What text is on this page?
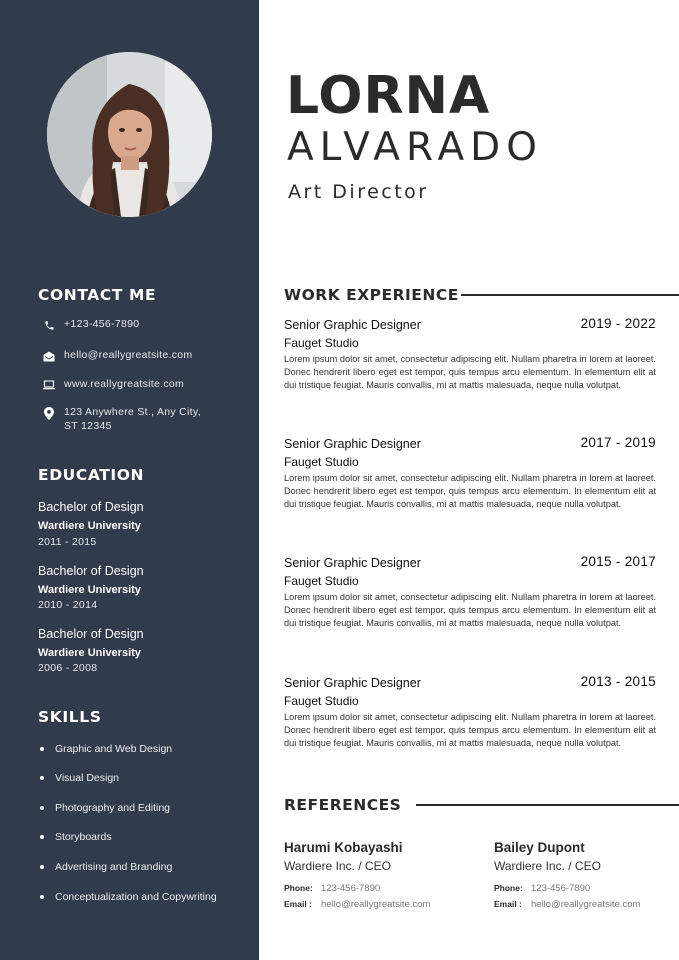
CONTACT ME
+123-456-7890
hello@reallygreatsite.com
www.reallygreatsite.com
123 Anywhere St., Any City, ST 12345
EDUCATION
Bachelor of Design
Wardiere University
2011 - 2015
Bachelor of Design
Wardiere University
2010 - 2014
Bachelor of Design
Wardiere University
2006 - 2008
SKILLS
Graphic and Web Design
Visual Design
Photography and Editing
Storyboards
Advertising and Branding
Conceptualization and Copywriting
LORNA
ALVARADO
Art Director
WORK EXPERIENCE
Senior Graphic Designer	2019 - 2022
Fauget Studio
Lorem ipsum dolor sit amet, consectetur adipiscing elit. Nullam pharetra in lorem at laoreet. Donec hendrerit libero eget est tempor, quis tempus arcu elementum. In elementum elit at dui tristique feugiat. Mauris convallis, mi at mattis malesuada, neque nulla volutpat.
Senior Graphic Designer	2017 - 2019
Fauget Studio
Lorem ipsum dolor sit amet, consectetur adipiscing elit. Nullam pharetra in lorem at laoreet. Donec hendrerit libero eget est tempor, quis tempus arcu elementum. In elementum elit at dui tristique feugiat. Mauris convallis, mi at mattis malesuada, neque nulla volutpat.
Senior Graphic Designer	2015 - 2017
Fauget Studio
Lorem ipsum dolor sit amet, consectetur adipiscing elit. Nullam pharetra in lorem at laoreet. Donec hendrerit libero eget est tempor, quis tempus arcu elementum. In elementum elit at dui tristique feugiat. Mauris convallis, mi at mattis malesuada, neque nulla volutpat.
Senior Graphic Designer	2013 - 2015
Fauget Studio
Lorem ipsum dolor sit amet, consectetur adipiscing elit. Nullam pharetra in lorem at laoreet. Donec hendrerit libero eget est tempor, quis tempus arcu elementum. In elementum elit at dui tristique feugiat. Mauris convallis, mi at mattis malesuada, neque nulla volutpat.
REFERENCES
Harumi Kobayashi
Wardiere Inc. / CEO
Phone: 123-456-7890
Email : hello@reallygreatsite.com
Bailey Dupont
Wardiere Inc. / CEO
Phone: 123-456-7890
Email : hello@reallygreatsite.com
